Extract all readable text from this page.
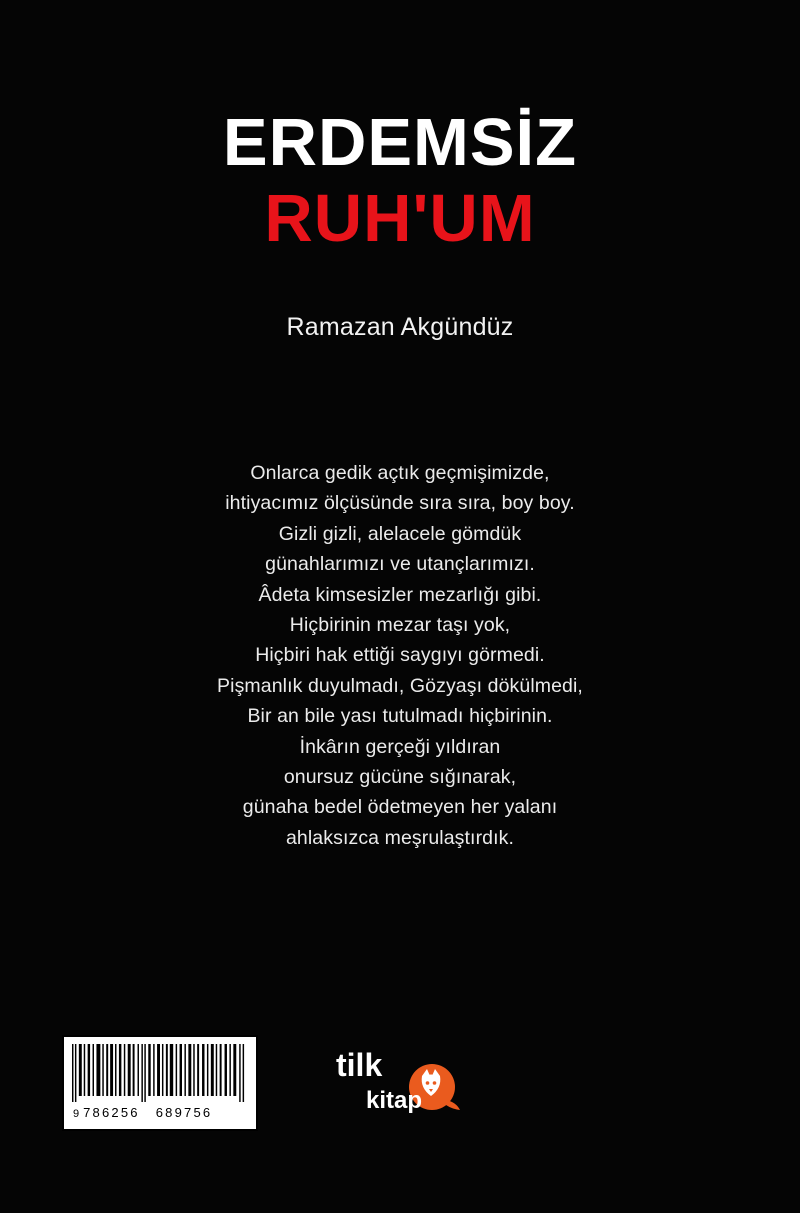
ERDEMSİZ
RUH'UM
Ramazan Akgündüz
Onlarca gedik açtık geçmişimizde,
ihtiyacımız ölçüsünde sıra sıra, boy boy.
Gizli gizli, alelacele gömdük
günahlarımızı ve utançlarımızı.
Âdeta kimsesizler mezarlığı gibi.
Hiçbirinin mezar taşı yok,
Hiçbiri hak ettiği saygıyı görmedi.
Pişmanlık duyulmadı, Gözyaşı dökülmedi,
Bir an bile yası tutulmadı hiçbirinin.
İnkârın gerçeği yıldıran
onursuz gücüne sığınarak,
günaha bedel ödetmeyen her yalanı
ahlaksızca meşrulaştırdık.
9 786256 689756
tilk
kitap
